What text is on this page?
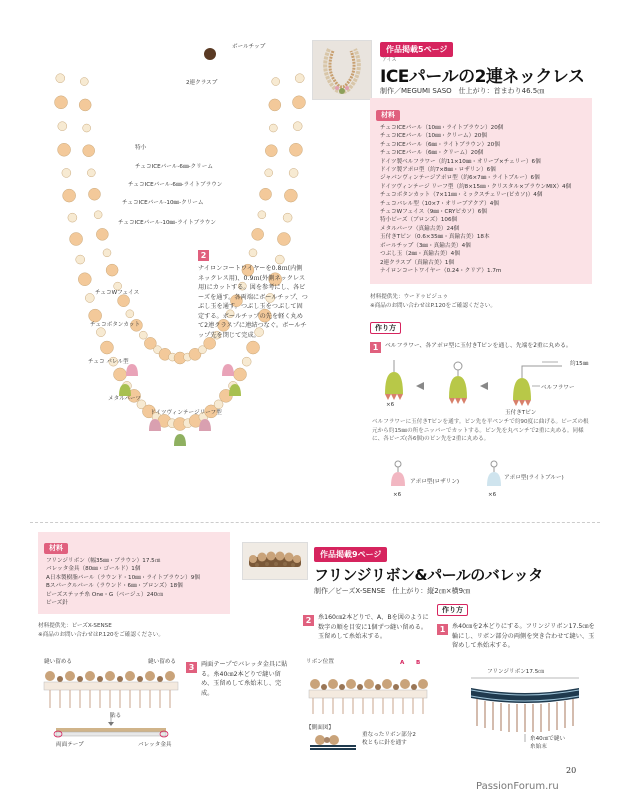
ボールチップ
2連クラスプ
特小
チェコICEパール-6㎜-クリーム
チェコICEパール-6㎜-ライトブラウン
チェコICEパール-10㎜-クリーム
チェコICEパール-10㎜-ライトブラウン
チェコWフェイス
チェコボタンカット
チェコ バレル型
メタルパーツ
ドイツヴィンテージリーフ型
2
ナイロンコートワイヤーを0.8ｍ(内側ネックレス用)、0.9ｍ(外側ネックレス用)にカットする。図を参考にし、各ビーズを通す。各両端にボールチップ、つぶし玉を通す。つぶし玉をつぶして固定する。ボールチップの先を軽く丸めて2連クラスプに連結つなぐ。ボールチップ先を閉じて完成。
作品掲載5ページ
アイス
ICEパールの2連ネックレス
制作／MEGUMI SASO　仕上がり：首まわり46.5㎝
材料
チェコICEパール（10㎜・ライトブラウン）20個
チェコICEパール（10㎜・クリーム）20個
チェコICEパール（6㎜・ライトブラウン）20個
チェコICEパール（6㎜・クリーム）20個
ドイツ製ベルフラワー（約11×10㎜・オリーブ×チェリー）6個
ドイツ製アポロ型（約7×8㎜・ロザリン）6個
ジャパンヴィンテージアポロ型（約6×7㎜・ライトブルー）6個
ドイツヴィンテージ リーフ型（約8×15㎜・クリスタル×ブラウンMIX）4個
チェコボタンカット（7×11㎜・ミックスチェリー(ピカソ)）4個
チェコバレル型（10×7・オリーブアクア）4個
チェコWフェイス（9㎜・CRYピカソ）6個
特小ビーズ（ブロンズ）106個
メタルパーツ（真鍮古美）24個
玉付きTピン（0.6×35㎜・真鍮古美）18本
ボールチップ（3㎜・真鍮古美）4個
つぶし玉（2㎜・真鍮古美）4個
2連クラスプ（真鍮古美）1個
ナイロンコートワイヤー（0.24・クリア）1.7m
材料提供先：ウードゥビジュゥ
※商品のお問い合わせはP.120をご確認ください。
作り方
1	ベルフラワー、各アポロ型に玉付きTピンを通し、先端を2重に丸める。
×6
約15㎜
ベルフラワー
玉付きTピン
ベルフラワーに玉付きTピンを通す。ピン先を平ペンチで約90度に曲げる。ビーズの根元から約15㎜の所をニッパーでカットする。ピン先を丸ペンチで2重に丸める。同様に、各ビーズ(各6個)のピン先を2重に丸める。
アポロ型(ロザリン)
アポロ型(ライトブルー)
×6	×6
材料
フリンジリボン（幅35㎜・ブラウン）17.5㎝
バレッタ金具（80㎜・ゴールド）1個
A日本製樹脂パール（ラウンド・10㎜・ライトブラウン）9個
Bスパークルパール（ラウンド・6㎜・ブロンズ）18個
ビーズステッチ糸 One・G（ベージュ）240㎝
ビーズ針
材料提供先：ビーズX-SENSE
※商品のお問い合わせはP.120をご確認ください。
作品掲載9ページ
フリンジリボン&パールのバレッタ
制作／ビーズX-SENSE　仕上がり：縦2㎝×横9㎝
作り方
1	糸40㎝を2本どりにする。フリンジリボン17.5㎝を輪にし、リボン部分の両側を突き合わせて縫い、玉留めして糸始末する。
フリンジリボン17.5㎝
糸40㎝で縫い糸始末
2	糸160㎝2本どりで、A、Bを図のように数字の順を目安に1個ずつ縫い留める。玉留めして糸始末する。
リボン位置	A B
【側面図】
重なったリボン部分2枚ともに針を通す
3	両面テープでバレッタ金具に貼る。糸40㎝2本どりで縫い留め、玉留めして糸始末し、完成。
縫い留める	縫い留める
貼る
両面テープ	バレッタ金具
20
PassionForum.ru
